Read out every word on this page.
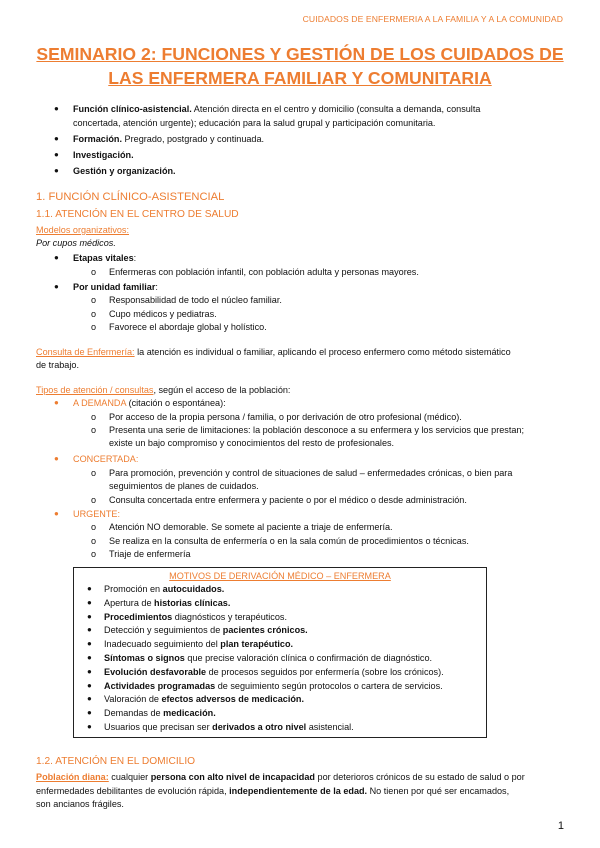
CUIDADOS DE ENFERMERIA A LA FAMILIA Y A LA COMUNIDAD
SEMINARIO 2: FUNCIONES Y GESTIÓN DE LOS CUIDADOS DE
LAS ENFERMERA FAMILIAR Y COMUNITARIA
● Función clínico-asistencial. Atención directa en el centro y domicilio (consulta a demanda, consulta
concertada, atención urgente); educación para la salud grupal y participación comunitaria.
● Formación. Pregrado, postgrado y continuada.
● Investigación.
● Gestión y organización.
1. FUNCIÓN CLÍNICO-ASISTENCIAL
1.1. ATENCIÓN EN EL CENTRO DE SALUD
Modelos organizativos:
Por cupos médicos.
● Etapas vitales:
o Enfermeras con población infantil, con población adulta y personas mayores.
● Por unidad familiar:
o Responsabilidad de todo el núcleo familiar.
o Cupo médicos y pediatras.
o Favorece el abordaje global y holístico.
Consulta de Enfermería: la atención es individual o familiar, aplicando el proceso enfermero como método sistemático
de trabajo.
Tipos de atención / consultas, según el acceso de la población:
● A DEMANDA (citación o espontánea):
o Por acceso de la propia persona / familia, o por derivación de otro profesional (médico).
o Presenta una serie de limitaciones: la población desconoce a su enfermera y los servicios que prestan;
existe un bajo compromiso y conocimientos del resto de profesionales.
● CONCERTADA:
o Para promoción, prevención y control de situaciones de salud – enfermedades crónicas, o bien para
seguimientos de planes de cuidados.
o Consulta concertada entre enfermera y paciente o por el médico o desde administración.
● URGENTE:
o Atención NO demorable. Se somete al paciente a triaje de enfermería.
o Se realiza en la consulta de enfermería o en la sala común de procedimientos o técnicas.
o Triaje de enfermería
MOTIVOS DE DERIVACIÓN MÉDICO – ENFERMERA
● Promoción en autocuidados.
● Apertura de historias clínicas.
● Procedimientos diagnósticos y terapéuticos.
● Detección y seguimientos de pacientes crónicos.
● Inadecuado seguimiento del plan terapéutico.
● Síntomas o signos que precise valoración clínica o confirmación de diagnóstico.
● Evolución desfavorable de procesos seguidos por enfermería (sobre los crónicos).
● Actividades programadas de seguimiento según protocolos o cartera de servicios.
● Valoración de efectos adversos de medicación.
● Demandas de medicación.
● Usuarios que precisan ser derivados a otro nivel asistencial.
1.2. ATENCIÓN EN EL DOMICILIO
Población diana: cualquier persona con alto nivel de incapacidad por deterioros crónicos de su estado de salud o por
enfermedades debilitantes de evolución rápida, independientemente de la edad. No tienen por qué ser encamados,
son ancianos frágiles.
1
